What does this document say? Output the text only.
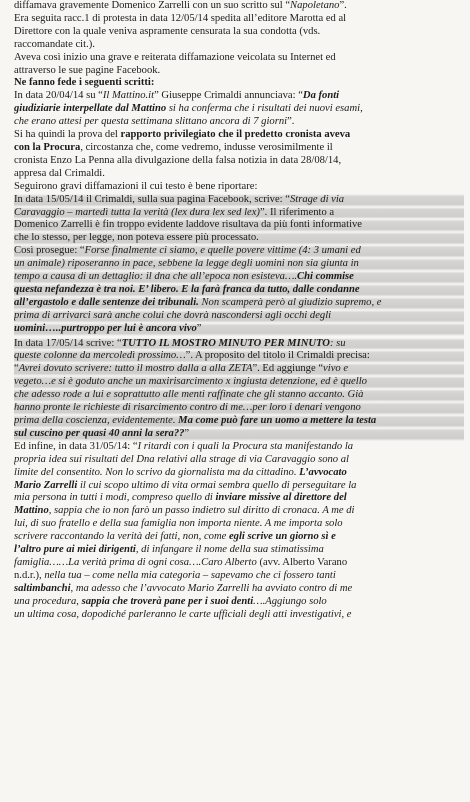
diffamava gravemente Domenico Zarrelli con un suo scritto sul “Napoletano”.
Era seguita racc.1 di protesta in data 12/05/14 spedita all’editore Marotta ed al
Direttore con la quale veniva aspramente censurata la sua condotta (vds.
raccomandate cit.).
Aveva così inizio una grave e reiterata diffamazione veicolata su Internet ed
attraverso le sue pagine Facebook.
Ne fanno fede i seguenti scritti:
In data 20/04/14 su “Il Mattino.it” Giuseppe Crimaldi annunciava: “Da fonti
giudiziarie interpellate dal Mattino si ha conferma che i risultati dei nuovi esami,
che erano attesi per questa settimana slittano ancora di 7 giorni”.
Si ha quindi la prova del rapporto privilegiato che il predetto cronista aveva
con la Procura, circostanza che, come vedremo, indusse verosimilmente il
cronista Enzo La Penna alla divulgazione della falsa notizia in data 28/08/14,
appresa dal Crimaldi.
Seguirono gravi diffamazioni il cui testo è bene riportare:
In data 15/05/14 il Crimaldi, sulla sua pagina Facebook, scrive: “Strage di via
Caravaggio – martedì tutta la verità (lex dura lex sed lex)”. Il riferimento a
Domenico Zarrelli è fin troppo evidente laddove risultava da più fonti informative
che lo stesso, per legge, non poteva essere più processato.
Così prosegue: “Forse finalmente ci siamo, e quelle povere vittime (4: 3 umani ed
un animale) riposeranno in pace, sebbene la legge degli uomini non sia giunta in
tempo a causa di un dettaglio: il dna che all’epoca non esisteva….Chi commise
questa nefandezza è tra noi. E’ libero. E la farà franca da tutto, dalle condanne
all’ergastolo e dalle sentenze dei tribunali. Non scamperà però al giudizio supremo, e
prima di arrivarci sarà anche colui che dovrà nascondersi agli occhi degli
uomini…..purtroppo per lui è ancora vivo”
In data 17/05/14 scrive: “TUTTO IL MOSTRO MINUTO PER MINUTO: su
queste colonne da mercoledì prossimo…”. A proposito del titolo il Crimaldi precisa:
“Avrei dovuto scrivere: tutto il mostro dalla a alla ZETA”. Ed aggiunge “vivo e
vegeto…e si è goduto anche un maxirisarcimento x ingiusta detenzione, ed è quello
che adesso rode a lui e soprattutto alle menti raffinate che gli stanno accanto. Già
hanno pronte le richieste di risarcimento contro di me…per loro i denari vengono
prima della coscienza, evidentemente. Ma come può fare un uomo a mettere la testa
sul cuscino per quasi 40 anni la sera??”
Ed infine, in data 31/05/14: “I ritardi con i quali la Procura sta manifestando la
propria idea sui risultati del Dna relativi alla strage di via Caravaggio sono al
limite del consentito. Non lo scrivo da giornalista ma da cittadino. L’avvocato
Mario Zarrelli il cui scopo ultimo di vita ormai sembra quello di perseguitare la
mia persona in tutti i modi, compreso quello di inviare missive al direttore del
Mattino, sappia che io non farò un passo indietro sul diritto di cronaca. A me di
lui, di suo fratello e della sua famiglia non importa niente. A me importa solo
scrivere raccontando la verità dei fatti, non, come egli scrive un giorno sì e
l’altro pure ai miei dirigenti, di infangare il nome della sua stimatissima
famiglia……La verità prima di ogni cosa….Caro Alberto (avv. Alberto Varano
n.d.r.), nella tua – come nella mia categoria – sapevamo che ci fossero tanti
saltimbanchi, ma adesso che l’avvocato Mario Zarrelli ha avviato contro di me
una procedura, sappia che troverà pane per i suoi denti….Aggiungo solo
un ultima cosa, dopodiché parleranno le carte ufficiali degli atti investigativi, e
